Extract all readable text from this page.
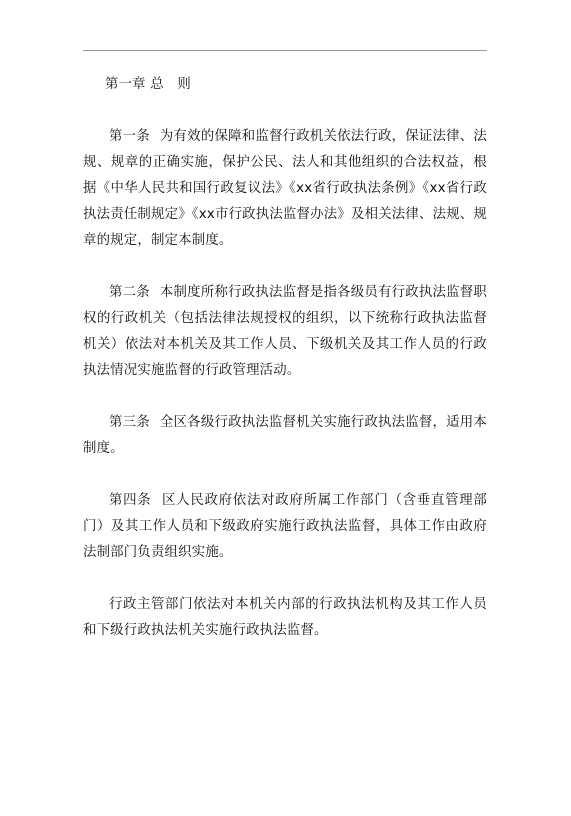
第一章 总　则

第一条 为有效的保障和监督行政机关依法行政，保证法律、法规、规章的正确实施，保护公民、法人和其他组织的合法权益，根据《中华人民共和国行政复议法》《xx省行政执法条例》《xx省行政执法责任制规定》《xx市行政执法监督办法》及相关法律、法规、规章的规定，制定本制度。

第二条 本制度所称行政执法监督是指各级员有行政执法监督职权的行政机关（包括法律法规授权的组织，以下统称行政执法监督机关）依法对本机关及其工作人员、下级机关及其工作人员的行政执法情况实施监督的行政管理活动。

第三条 全区各级行政执法监督机关实施行政执法监督，适用本制度。

第四条 区人民政府依法对政府所属工作部门（含垂直管理部门）及其工作人员和下级政府实施行政执法监督，具体工作由政府法制部门负责组织实施。

行政主管部门依法对本机关内部的行政执法机构及其工作人员和下级行政执法机关实施行政执法监督。
